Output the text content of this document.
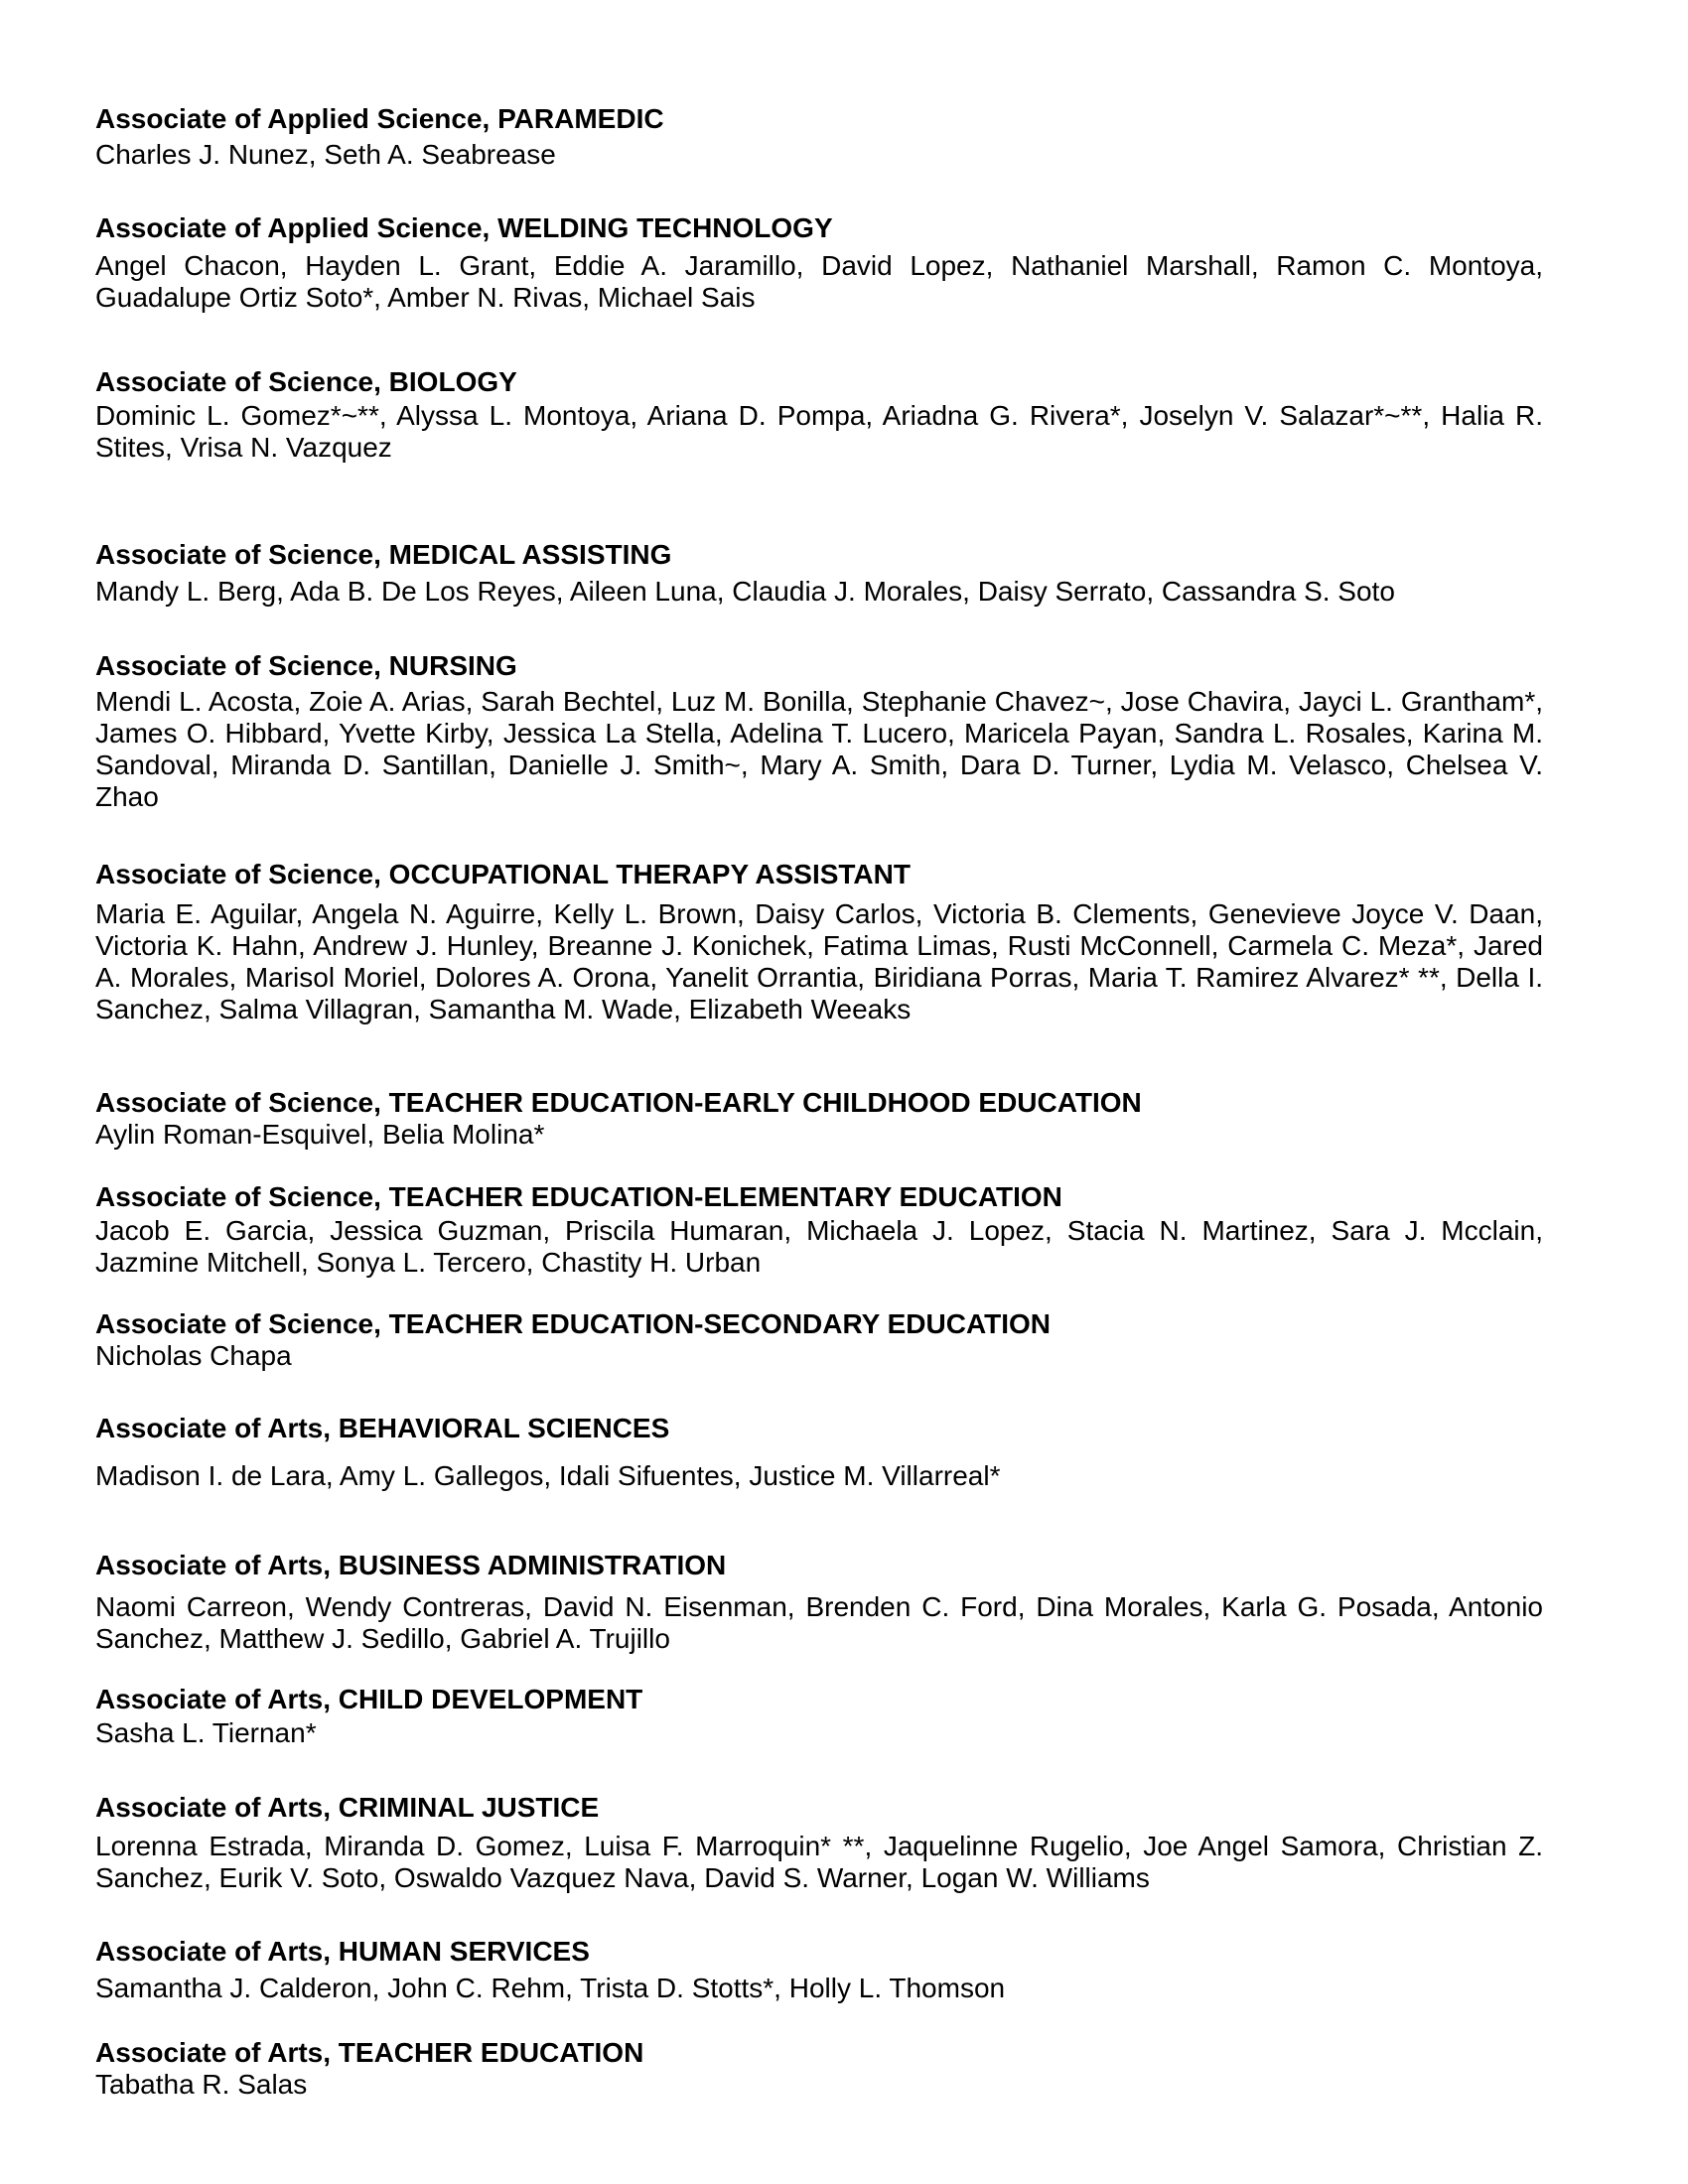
Associate of Applied Science, PARAMEDIC

Charles J. Nunez, Seth A. Seabrease

Associate of Applied Science, WELDING TECHNOLOGY

Angel Chacon, Hayden L. Grant, Eddie A. Jaramillo, David Lopez, Nathaniel Marshall, Ramon C. Montoya, Guadalupe Ortiz Soto*, Amber N. Rivas, Michael Sais

Associate of Science, BIOLOGY

Dominic L. Gomez*~**, Alyssa L. Montoya, Ariana D. Pompa, Ariadna G. Rivera*, Joselyn V. Salazar*~**, Halia R. Stites, Vrisa N. Vazquez

Associate of Science, MEDICAL ASSISTING

Mandy L. Berg, Ada B. De Los Reyes, Aileen Luna, Claudia J. Morales, Daisy Serrato, Cassandra S. Soto

Associate of Science, NURSING

Mendi L. Acosta, Zoie A. Arias, Sarah Bechtel, Luz M. Bonilla, Stephanie Chavez~, Jose Chavira, Jayci L. Grantham*, James O. Hibbard, Yvette Kirby, Jessica La Stella, Adelina T. Lucero, Maricela Payan, Sandra L. Rosales, Karina M. Sandoval, Miranda D. Santillan, Danielle J. Smith~, Mary A. Smith, Dara D. Turner, Lydia M. Velasco, Chelsea V. Zhao

Associate of Science, OCCUPATIONAL THERAPY ASSISTANT

Maria E. Aguilar, Angela N. Aguirre, Kelly L. Brown, Daisy Carlos, Victoria B. Clements, Genevieve Joyce V. Daan, Victoria K. Hahn, Andrew J. Hunley, Breanne J. Konichek, Fatima Limas, Rusti McConnell, Carmela C. Meza*, Jared A. Morales, Marisol Moriel, Dolores A. Orona, Yanelit Orrantia, Biridiana Porras, Maria T. Ramirez Alvarez* **, Della I. Sanchez, Salma Villagran, Samantha M. Wade, Elizabeth Weeaks

Associate of Science, TEACHER EDUCATION-EARLY CHILDHOOD EDUCATION

Aylin Roman-Esquivel, Belia Molina*

Associate of Science, TEACHER EDUCATION-ELEMENTARY EDUCATION

Jacob E. Garcia, Jessica Guzman, Priscila Humaran, Michaela J. Lopez, Stacia N. Martinez, Sara J. Mcclain, Jazmine Mitchell, Sonya L. Tercero, Chastity H. Urban

Associate of Science, TEACHER EDUCATION-SECONDARY EDUCATION

Nicholas Chapa

Associate of Arts, BEHAVIORAL SCIENCES

Madison I. de Lara, Amy L. Gallegos, Idali Sifuentes, Justice M. Villarreal*

Associate of Arts, BUSINESS ADMINISTRATION

Naomi Carreon, Wendy Contreras, David N. Eisenman, Brenden C. Ford, Dina Morales, Karla G. Posada, Antonio Sanchez, Matthew J. Sedillo, Gabriel A. Trujillo

Associate of Arts, CHILD DEVELOPMENT

Sasha L. Tiernan*

Associate of Arts, CRIMINAL JUSTICE

Lorenna Estrada, Miranda D. Gomez, Luisa F. Marroquin* **, Jaquelinne Rugelio, Joe Angel Samora, Christian Z. Sanchez, Eurik V. Soto, Oswaldo Vazquez Nava, David S. Warner, Logan W. Williams

Associate of Arts, HUMAN SERVICES

Samantha J. Calderon, John C. Rehm, Trista D. Stotts*, Holly L. Thomson

Associate of Arts, TEACHER EDUCATION

Tabatha R. Salas
